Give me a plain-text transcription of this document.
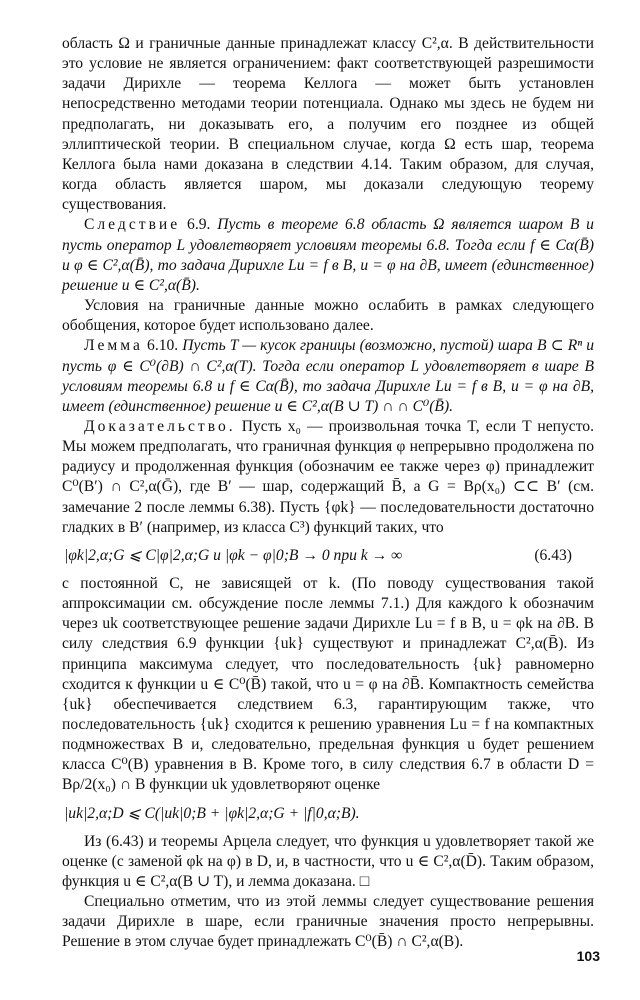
область Ω и граничные данные принадлежат классу C²,α. В действительности это условие не является ограничением: факт соответствующей разрешимости задачи Дирихле — теорема Келлога — может быть установлен непосредственно методами теории потенциала. Однако мы здесь не будем ни предполагать, ни доказывать его, а получим его позднее из общей эллиптической теории. В специальном случае, когда Ω есть шар, теорема Келлога была нами доказана в следствии 4.14. Таким образом, для случая, когда область является шаром, мы доказали следующую теорему существования.

Следствие 6.9. Пусть в теореме 6.8 область Ω является шаром B и пусть оператор L удовлетворяет условиям теоремы 6.8. Тогда если f ∈ Cα(B̄) и φ ∈ C²,α(B̄), то задача Дирихле Lu = f в B, u = φ на ∂B, имеет (единственное) решение u ∈ C²,α(B̄).

Условия на граничные данные можно ослабить в рамках следующего обобщения, которое будет использовано далее.

Лемма 6.10. Пусть T — кусок границы (возможно, пустой) шара B ⊂ Rⁿ и пусть φ ∈ C⁰(∂B) ∩ C²,α(T). Тогда если оператор L удовлетворяет в шаре B условиям теоремы 6.8 и f ∈ Cα(B̄), то задача Дирихле Lu = f в B, u = φ на ∂B, имеет (единственное) решение u ∈ C²,α(B ∪ T) ∩ ∩ C⁰(B̄).

Доказательство. Пусть x₀ — произвольная точка T, если T непусто. Мы можем предполагать, что граничная функция φ непрерывно продолжена по радиусу и продолженная функция (обозначим ее также через φ) принадлежит C⁰(B′) ∩ C²,α(Ḡ), где B′ — шар, содержащий B̄, а G = Bρ(x₀) ⊂⊂ B′ (см. замечание 2 после леммы 6.38). Пусть {φk} — последовательности достаточно гладких в B′ (например, из класса C³) функций таких, что

|φk|2,α;G ⩽ C|φ|2,α;G и |φk − φ|0;B → 0 при k → ∞	(6.43)

с постоянной C, не зависящей от k. (По поводу существования такой аппроксимации см. обсуждение после леммы 7.1.) Для каждого k обозначим через uk соответствующее решение задачи Дирихле Lu = f в B, u = φk на ∂B. В силу следствия 6.9 функции {uk} существуют и принадлежат C²,α(B̄). Из принципа максимума следует, что последовательность {uk} равномерно сходится к функции u ∈ C⁰(B̄) такой, что u = φ на ∂B̄. Компактность семейства {uk} обеспечивается следствием 6.3, гарантирующим также, что последовательность {uk} сходится к решению уравнения Lu = f на компактных подмножествах B и, следовательно, предельная функция u будет решением класса C⁰(B) уравнения в B. Кроме того, в силу следствия 6.7 в области D = Bρ/2(x₀) ∩ B функции uk удовлетворяют оценке

|uk|2,α;D ⩽ C(|uk|0;B + |φk|2,α;G + |f|0,α;B).

Из (6.43) и теоремы Арцела следует, что функция u удовлетворяет такой же оценке (с заменой φk на φ) в D, и, в частности, что u ∈ C²,α(D̄). Таким образом, функция u ∈ C²,α(B ∪ T), и лемма доказана. □

Специально отметим, что из этой леммы следует существование решения задачи Дирихле в шаре, если граничные значения просто непрерывны. Решение в этом случае будет принадлежать C⁰(B̄) ∩ C²,α(B).

103
